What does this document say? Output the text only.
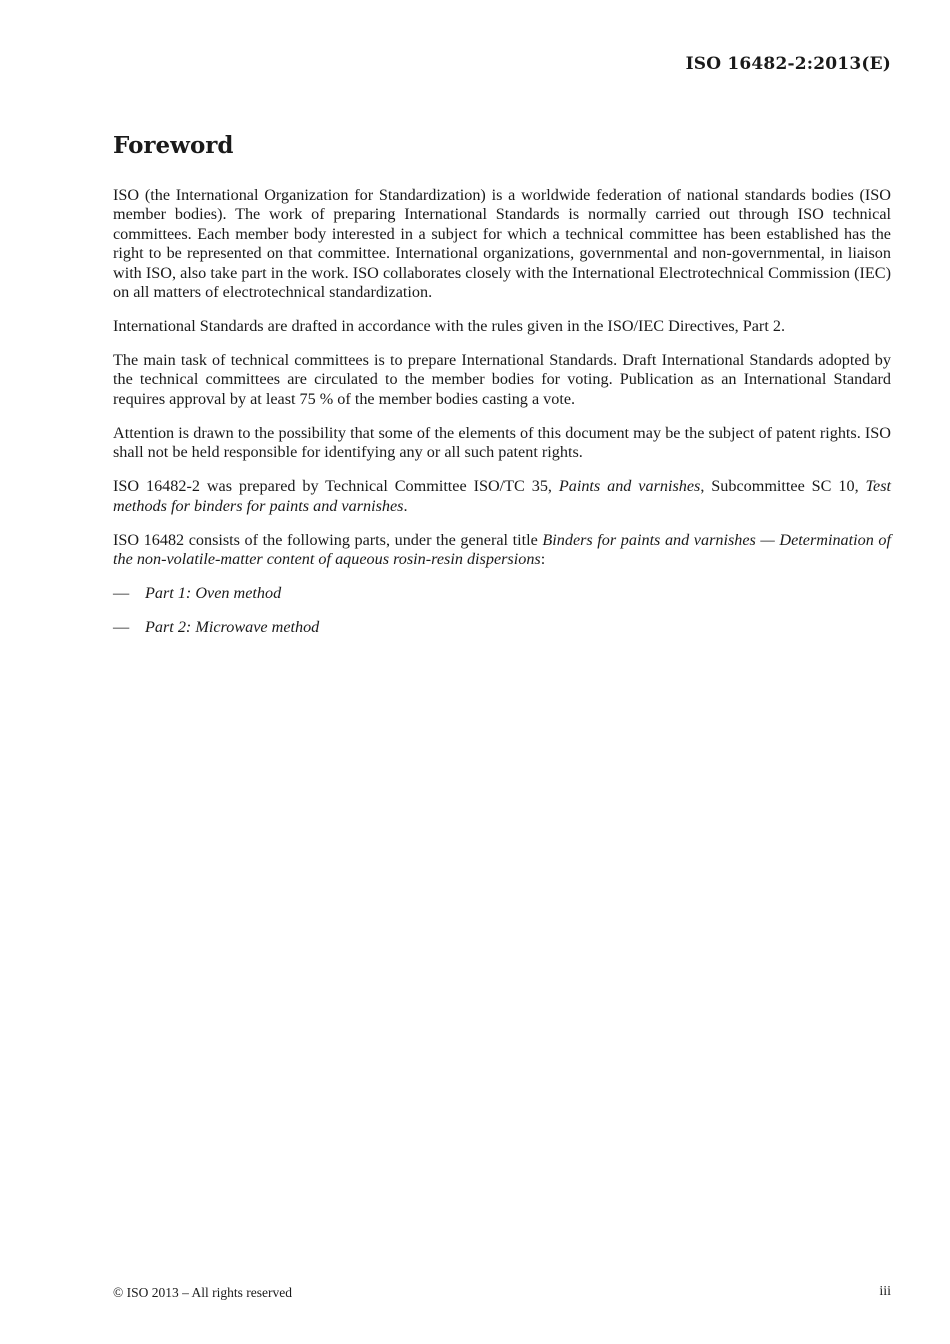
ISO 16482-2:2013(E)
Foreword

ISO (the International Organization for Standardization) is a worldwide federation of national standards bodies (ISO member bodies). The work of preparing International Standards is normally carried out through ISO technical committees. Each member body interested in a subject for which a technical committee has been established has the right to be represented on that committee. International organizations, governmental and non-governmental, in liaison with ISO, also take part in the work. ISO collaborates closely with the International Electrotechnical Commission (IEC) on all matters of electrotechnical standardization.

International Standards are drafted in accordance with the rules given in the ISO/IEC Directives, Part 2.

The main task of technical committees is to prepare International Standards. Draft International Standards adopted by the technical committees are circulated to the member bodies for voting. Publication as an International Standard requires approval by at least 75 % of the member bodies casting a vote.

Attention is drawn to the possibility that some of the elements of this document may be the subject of patent rights. ISO shall not be held responsible for identifying any or all such patent rights.

ISO 16482-2 was prepared by Technical Committee ISO/TC 35, Paints and varnishes, Subcommittee SC 10, Test methods for binders for paints and varnishes.

ISO 16482 consists of the following parts, under the general title Binders for paints and varnishes — Determination of the non-volatile-matter content of aqueous rosin-resin dispersions:

— Part 1: Oven method
— Part 2: Microwave method
© ISO 2013 – All rights reserved	iii
